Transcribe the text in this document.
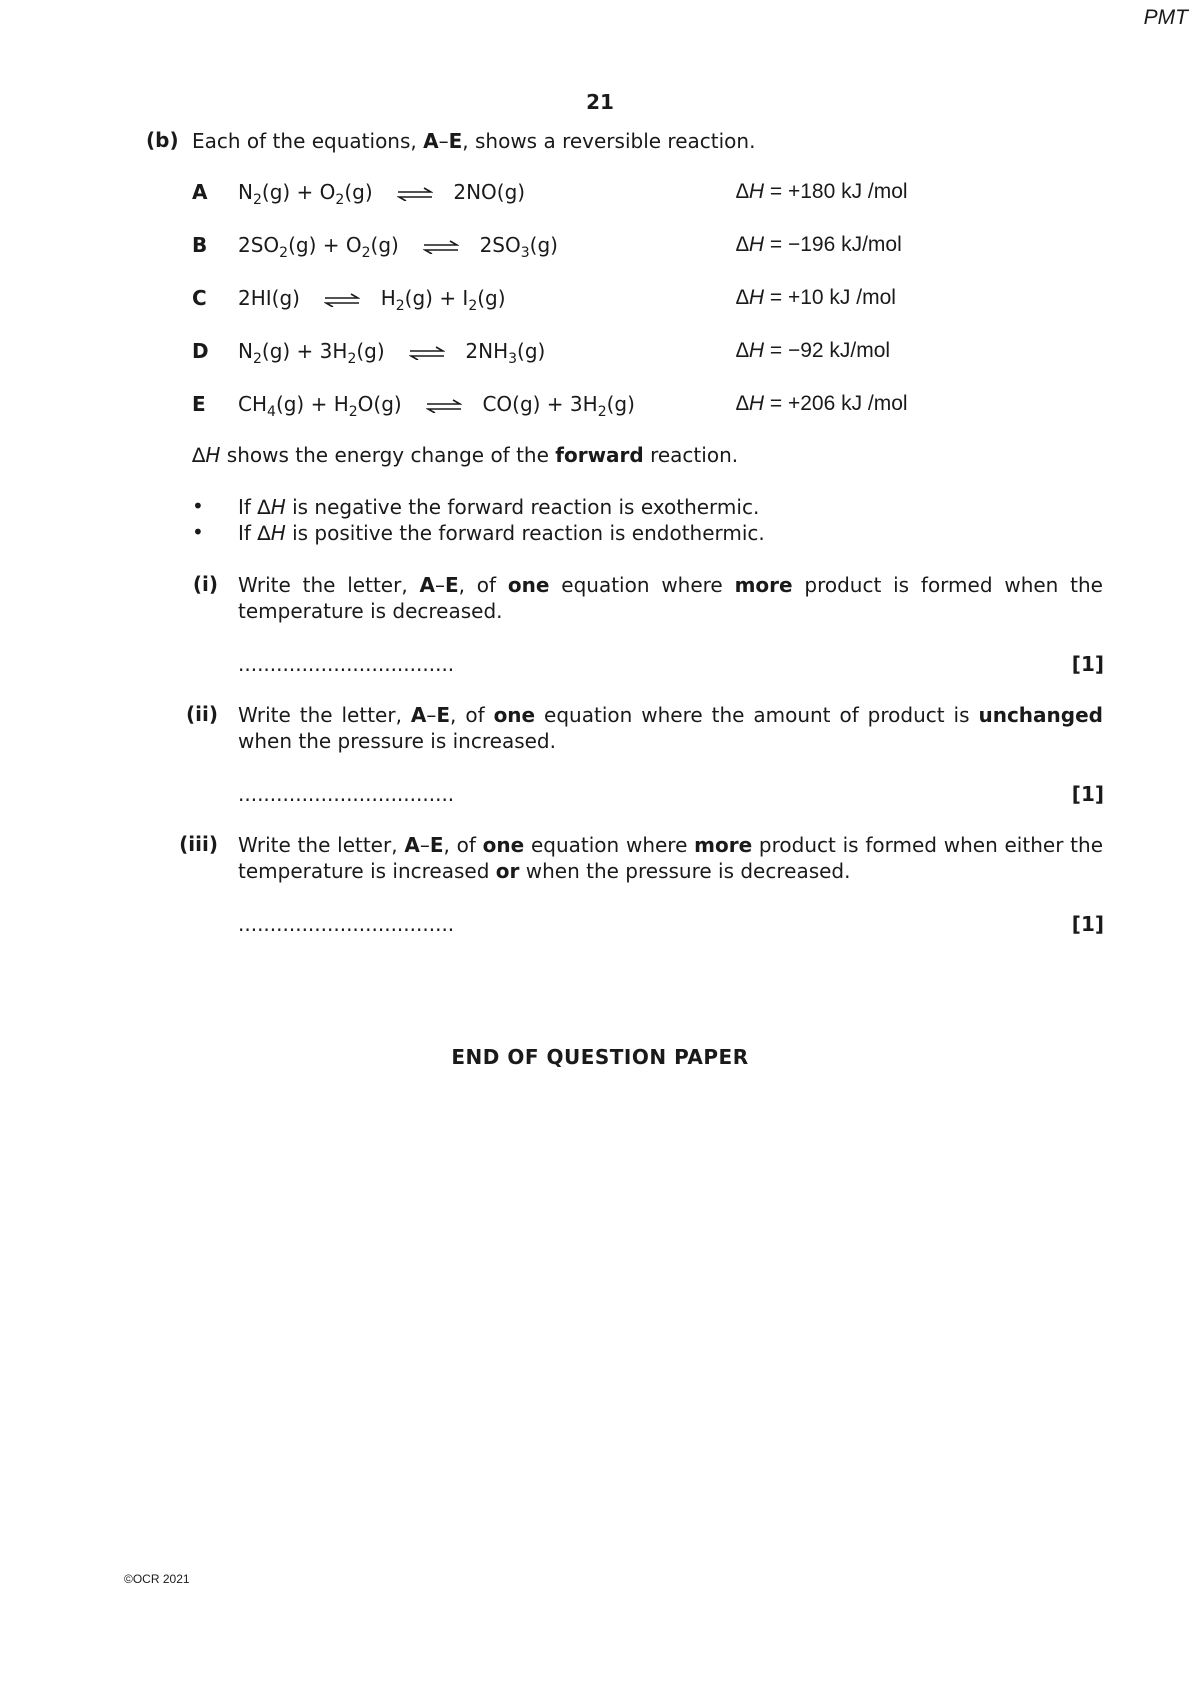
PMT
21
(b) Each of the equations, A–E, shows a reversible reaction.
A $N_2(g) + O_2(g)$ ⇌ 2NO(g)	∆H = +180 kJ /mol
B $2SO_2(g) + O_2(g)$ ⇌ $2SO_3(g)$	∆H = −196 kJ/mol
C 2HI(g) ⇌ $H_2(g) + I_2(g)$	∆H = +10 kJ /mol
D $N_2(g) + 3H_2(g)$ ⇌ $2NH_3(g)$	∆H = −92 kJ/mol
E $CH_4(g) + H_2O(g)$ ⇌ $CO(g) + 3H_2(g)$	∆H = +206 kJ /mol
∆H shows the energy change of the forward reaction.
• If ∆H is negative the forward reaction is exothermic.
• If ∆H is positive the forward reaction is endothermic.
(i) Write the letter, A–E, of one equation where more product is formed when the temperature is decreased.
..................................	[1]
(ii) Write the letter, A–E, of one equation where the amount of product is unchanged when the pressure is increased.
..................................	[1]
(iii) Write the letter, A–E, of one equation where more product is formed when either the temperature is increased or when the pressure is decreased.
..................................	[1]
END OF QUESTION PAPER
©OCR 2021
